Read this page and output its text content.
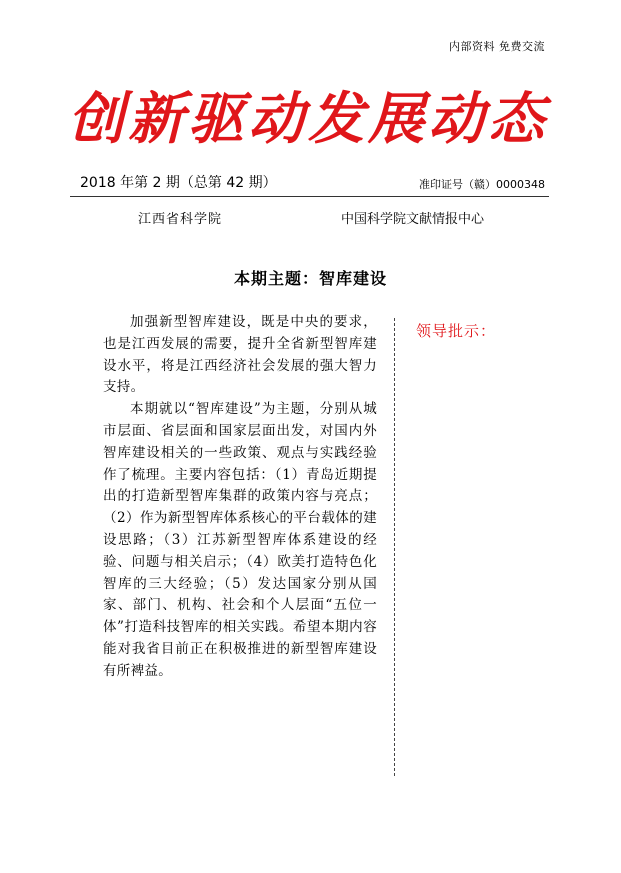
内部资料 免费交流
创新驱动发展动态
2018 年第 2 期（总第 42 期）	准印证号（赣）0000348
江西省科学院	中国科学院文献情报中心
本期主题：智库建设

加强新型智库建设，既是中央的要求，也是江西发展的需要，提升全省新型智库建设水平，将是江西经济社会发展的强大智力支持。

本期就以“智库建设”为主题，分别从城市层面、省层面和国家层面出发，对国内外智库建设相关的一些政策、观点与实践经验作了梳理。主要内容包括：（1）青岛近期提出的打造新型智库集群的政策内容与亮点；（2）作为新型智库体系核心的平台载体的建设思路；（3）江苏新型智库体系建设的经验、问题与相关启示；（4）欧美打造特色化智库的三大经验；（5）发达国家分别从国家、部门、机构、社会和个人层面“五位一体”打造科技智库的相关实践。希望本期内容能对我省目前正在积极推进的新型智库建设有所裨益。

领导批示：
